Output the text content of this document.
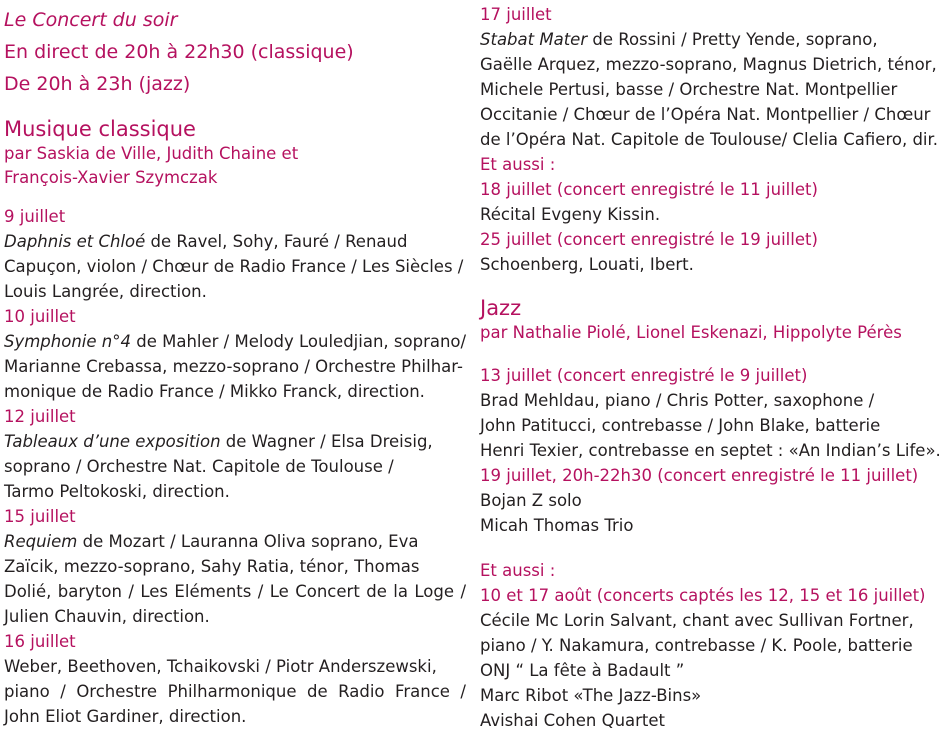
Le Concert du soir
En direct de 20h à 22h30 (classique)
De 20h à 23h (jazz)
Musique classique
par Saskia de Ville, Judith Chaine et
François-Xavier Szymczak
9 juillet
Daphnis et Chloé de Ravel, Sohy, Fauré / Renaud
Capuçon, violon / Chœur de Radio France / Les Siècles /
Louis Langrée, direction.
10 juillet
Symphonie n°4 de Mahler / Melody Louledjian, soprano/
Marianne Crebassa, mezzo-soprano / Orchestre Philhar-
monique de Radio France / Mikko Franck, direction.
12 juillet
Tableaux d’une exposition de Wagner / Elsa Dreisig,
soprano / Orchestre Nat. Capitole de Toulouse /
Tarmo Peltokoski, direction.
15 juillet
Requiem de Mozart / Lauranna Oliva soprano, Eva
Zaïcik, mezzo-soprano, Sahy Ratia, ténor, Thomas
Dolié, baryton / Les Eléments / Le Concert de la Loge /
Julien Chauvin, direction.
16 juillet
Weber, Beethoven, Tchaikovski / Piotr Anderszewski,
piano / Orchestre Philharmonique de Radio France /
John Eliot Gardiner, direction.
17 juillet
Stabat Mater de Rossini / Pretty Yende, soprano,
Gaëlle Arquez, mezzo-soprano, Magnus Dietrich, ténor,
Michele Pertusi, basse / Orchestre Nat. Montpellier
Occitanie / Chœur de l’Opéra Nat. Montpellier / Chœur
de l’Opéra Nat. Capitole de Toulouse/ Clelia Cafiero, dir.
Et aussi :
18 juillet (concert enregistré le 11 juillet)
Récital Evgeny Kissin.
25 juillet (concert enregistré le 19 juillet)
Schoenberg, Louati, Ibert.
Jazz
par Nathalie Piolé, Lionel Eskenazi, Hippolyte Pérès
13 juillet (concert enregistré le 9 juillet)
Brad Mehldau, piano / Chris Potter, saxophone /
John Patitucci, contrebasse / John Blake, batterie
Henri Texier, contrebasse en septet : «An Indian’s Life».
19 juillet, 20h-22h30 (concert enregistré le 11 juillet)
Bojan Z solo
Micah Thomas Trio
Et aussi :
10 et 17 août (concerts captés les 12, 15 et 16 juillet)
Cécile Mc Lorin Salvant, chant avec Sullivan Fortner,
piano / Y. Nakamura, contrebasse / K. Poole, batterie
ONJ “ La fête à Badault ”
Marc Ribot «The Jazz-Bins»
Avishai Cohen Quartet
